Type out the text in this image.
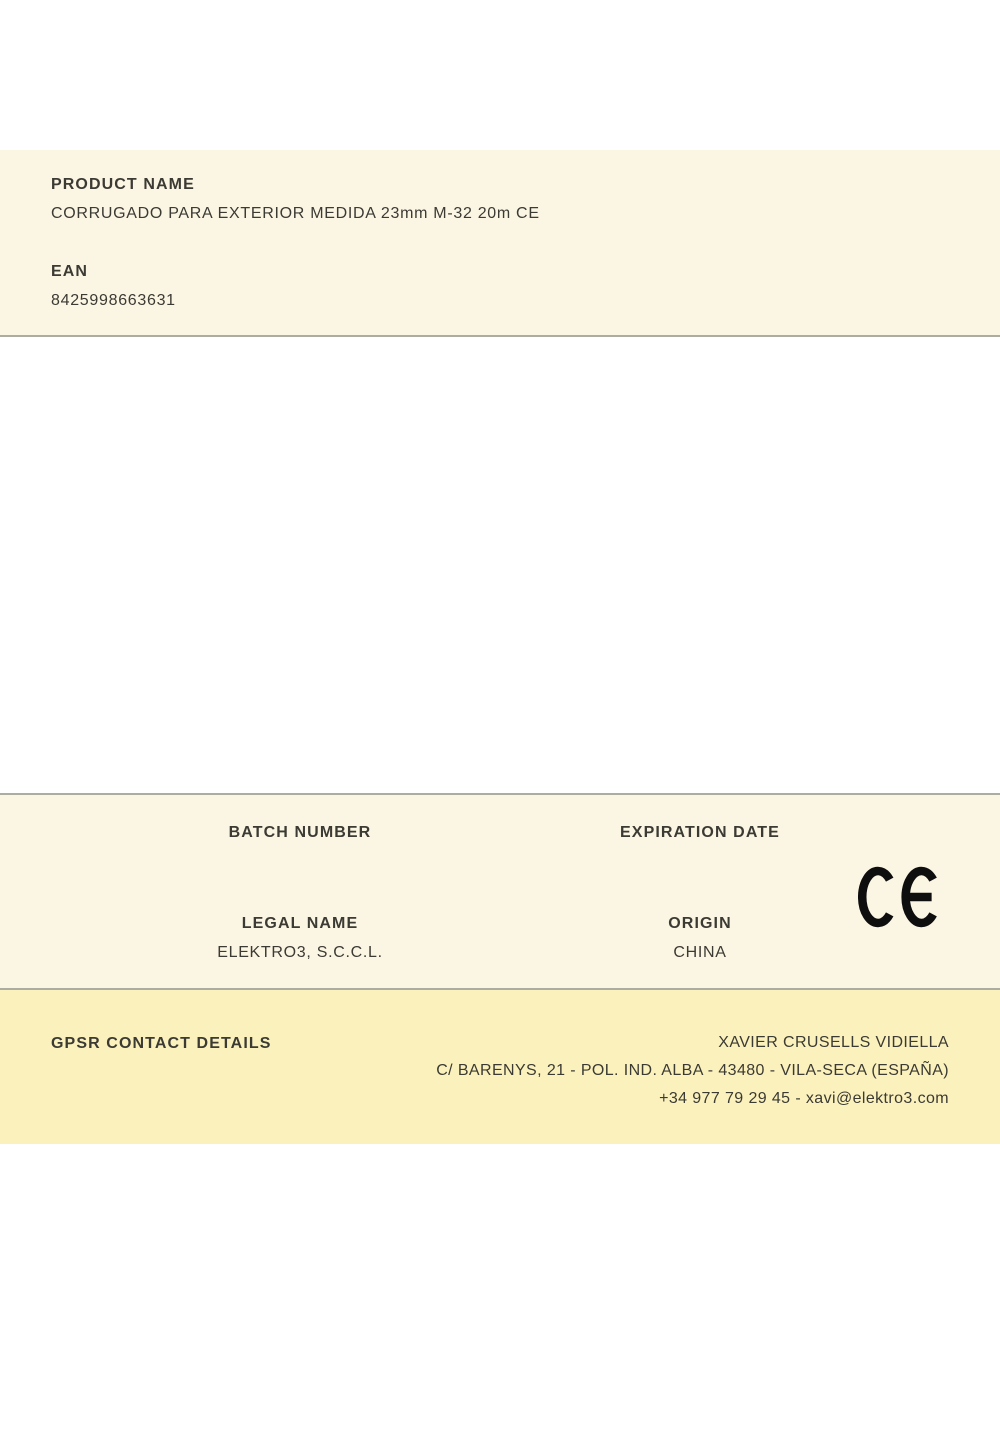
PRODUCT NAME
CORRUGADO PARA EXTERIOR MEDIDA 23mm M-32 20m CE
EAN
8425998663631
BATCH NUMBER	EXPIRATION DATE
LEGAL NAME
ELEKTRO3, S.C.C.L.
ORIGIN
CHINA
GPSR CONTACT DETAILS	XAVIER CRUSELLS VIDIELLA
C/ BARENYS, 21 - POL. IND. ALBA - 43480 - VILA-SECA (ESPAÑA)
+34 977 79 29 45 - xavi@elektro3.com
